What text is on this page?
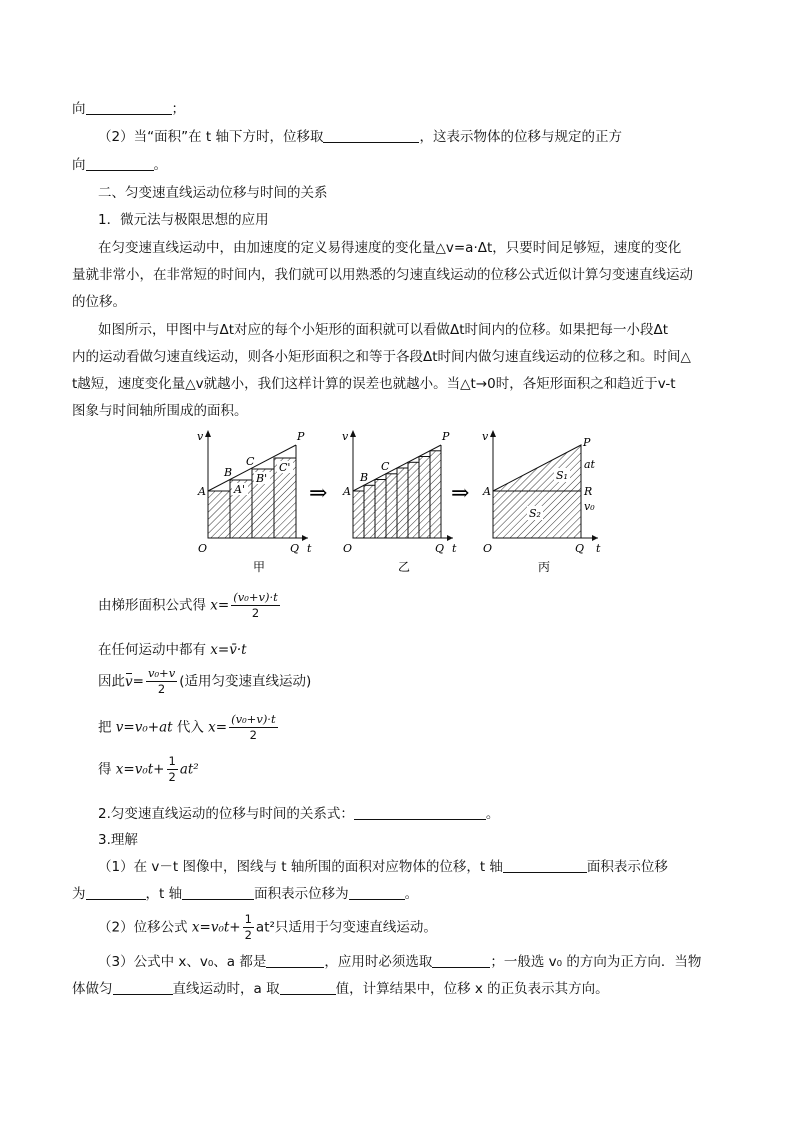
向	；
（2）当“面积”在 t 轴下方时，位移取	，这表示物体的位移与规定的正方
向	。
二、匀变速直线运动位移与时间的关系
1．微元法与极限思想的应用
在匀变速直线运动中，由加速度的定义易得速度的变化量△v=a·Δt，只要时间足够短，速度的变化
量就非常小，在非常短的时间内，我们就可以用熟悉的匀速直线运动的位移公式近似计算匀变速直线运动
的位移。
如图所示，甲图中与Δt对应的每个小矩形的面积就可以看做Δt时间内的位移。如果把每一小段Δt
内的运动看做匀速直线运动，则各小矩形面积之和等于各段Δt时间内做匀速直线运动的位移之和。时间△
t越短，速度变化量△v就越小，我们这样计算的误差也就越小。当△t→0时，各矩形面积之和趋近于v-t
图象与时间轴所围成的面积。
v
O	Q t
P
A
B
C
A'
B'
C'
甲
⇒
v
O	Q t
P
A
B
C
乙
⇒
v
O	Q t
P
A
at
R
v₀
S₁
S₂
丙
由梯形面积公式得 $x= \frac{\text{(v₀+v)·t}}{2}$
在任何运动中都有 x=v̄·t
因此$v= \frac{\text{v₀+v}}{2}$ (适用匀变速直线运动)
把 v=v₀+at 代入 $x= \frac{\text{(v₀+v)·t}}{2}$
得 $x=v_0t+ \frac{1}{2} at^2$
2.匀变速直线运动的位移与时间的关系式：	。
3.理解
（1）在 v－t 图像中，图线与 t 轴所围的面积对应物体的位移，t 轴	面积表示位移
为	，t 轴	面积表示位移为	。
（2）位移公式 $x=v_0t+ \frac{1}{2} at^2$只适用于匀变速直线运动。
（3）公式中 x、v₀、a 都是	，应用时必须选取	；一般选 v₀ 的方向为正方向．当物
体做匀	直线运动时，a 取	值，计算结果中，位移 x 的正负表示其方向。
